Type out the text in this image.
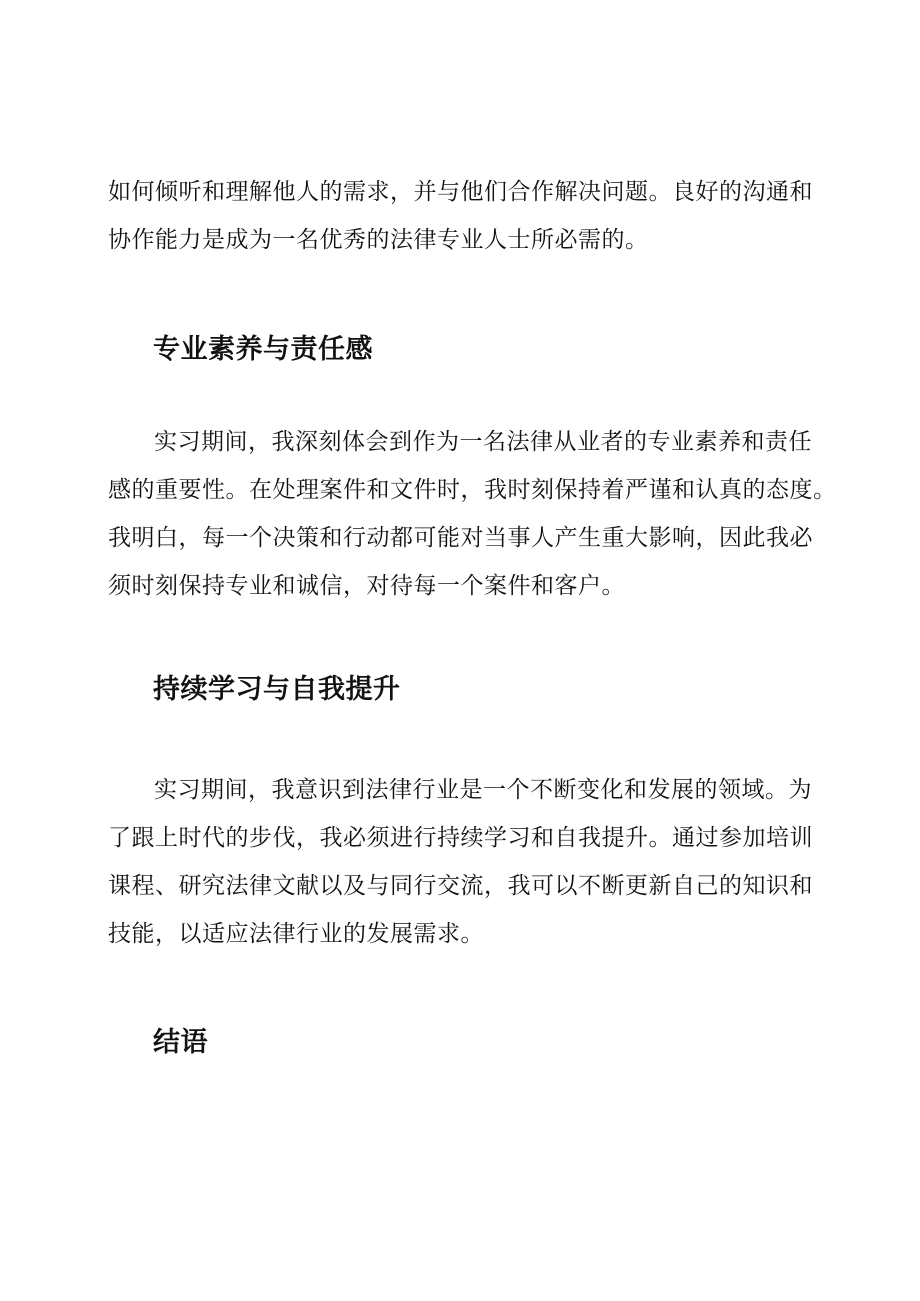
如何倾听和理解他人的需求，并与他们合作解决问题。良好的沟通和
协作能力是成为一名优秀的法律专业人士所必需的。

专业素养与责任感

实习期间，我深刻体会到作为一名法律从业者的专业素养和责任
感的重要性。在处理案件和文件时，我时刻保持着严谨和认真的态度。
我明白，每一个决策和行动都可能对当事人产生重大影响，因此我必
须时刻保持专业和诚信，对待每一个案件和客户。

持续学习与自我提升

实习期间，我意识到法律行业是一个不断变化和发展的领域。为
了跟上时代的步伐，我必须进行持续学习和自我提升。通过参加培训
课程、研究法律文献以及与同行交流，我可以不断更新自己的知识和
技能，以适应法律行业的发展需求。

结语
